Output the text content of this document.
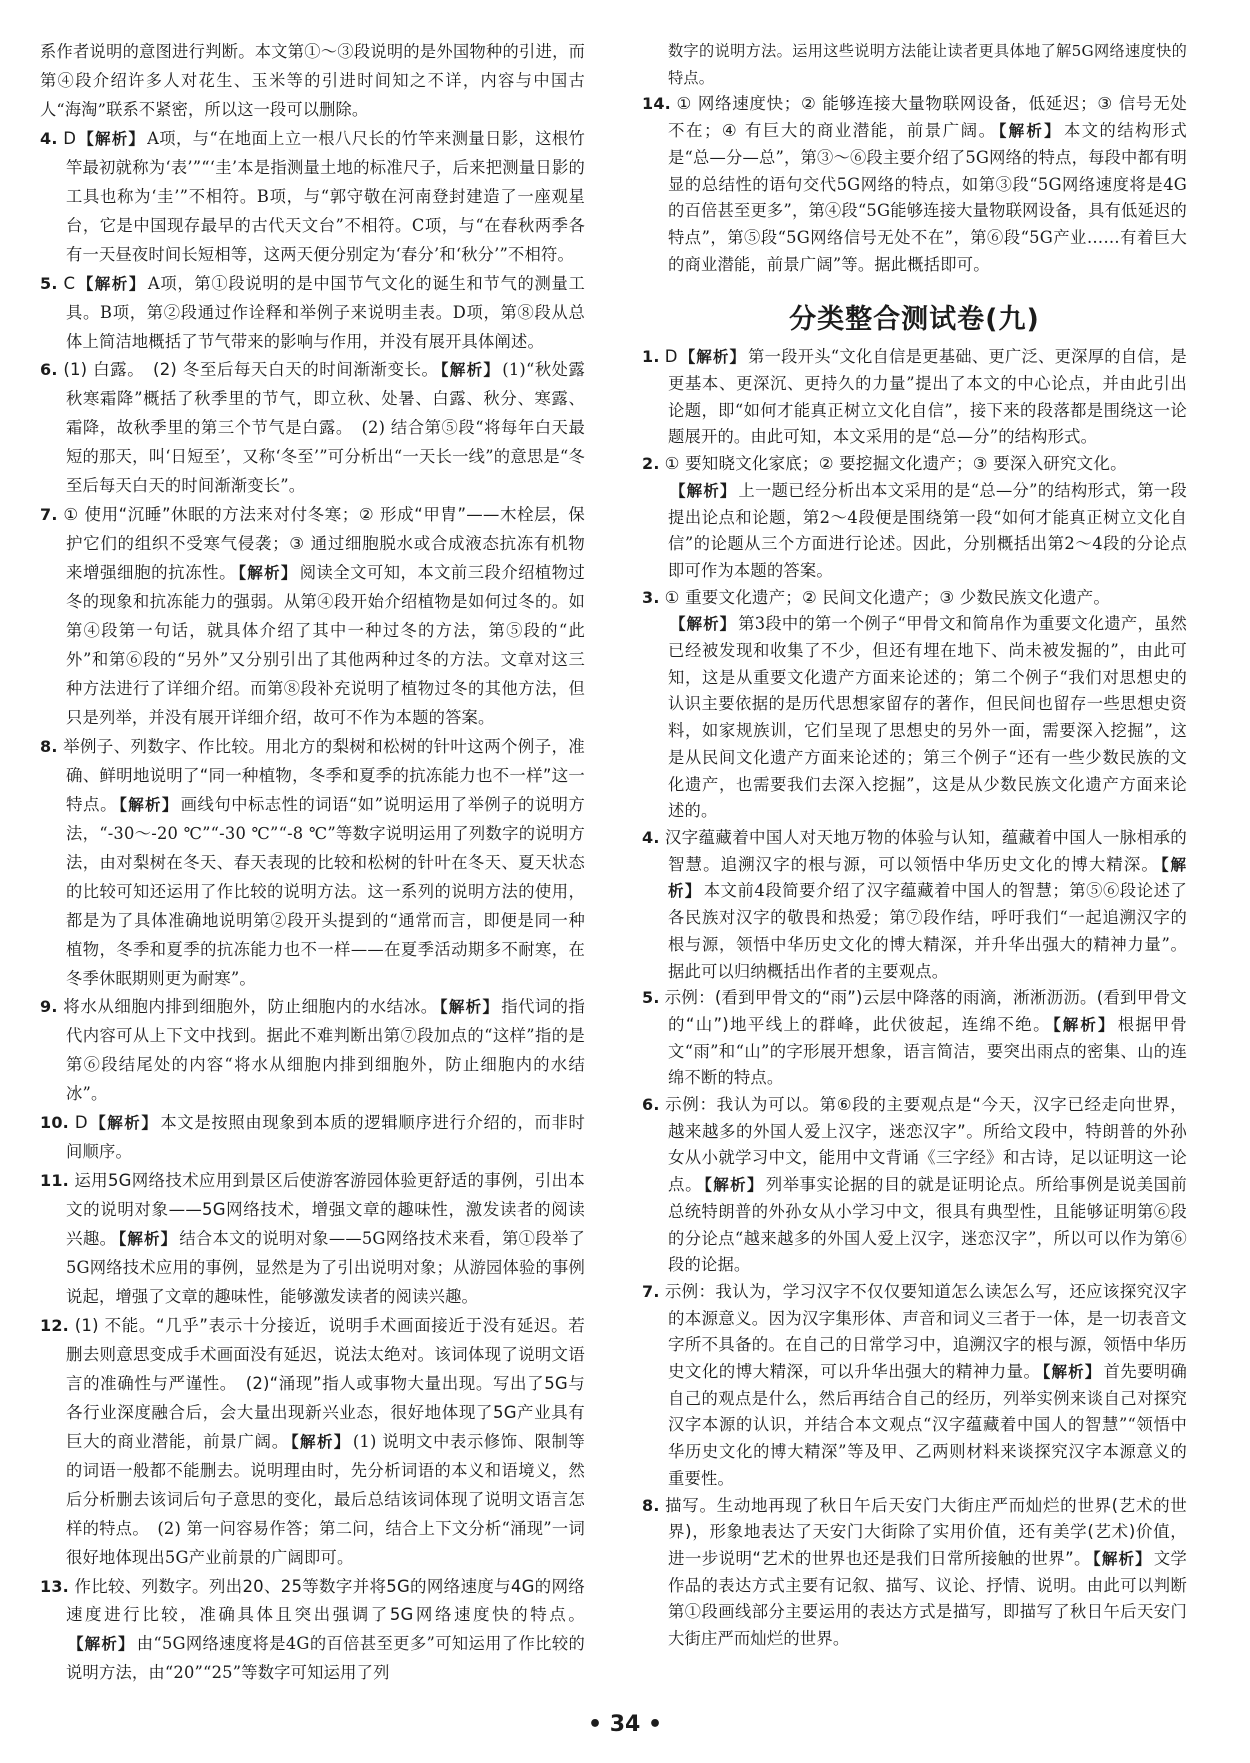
系作者说明的意图进行判断。本文第①～③段说明的是外国物种的引进，而第④段介绍许多人对花生、玉米等的引进时间知之不详，内容与中国古人“海淘”联系不紧密，所以这一段可以删除。

4. D 【解析】 A项，与“在地面上立一根八尺长的竹竿来测量日影，这根竹竿最初就称为‘表’”“‘圭’本是指测量土地的标准尺子，后来把测量日影的工具也称为‘圭’”不相符。B项，与“郭守敬在河南登封建造了一座观星台，它是中国现存最早的古代天文台”不相符。C项，与“在春秋两季各有一天昼夜时间长短相等，这两天便分别定为‘春分’和‘秋分’”不相符。

5. C 【解析】 A项，第①段说明的是中国节气文化的诞生和节气的测量工具。B项，第②段通过作诠释和举例子来说明圭表。D项，第⑧段从总体上简洁地概括了节气带来的影响与作用，并没有展开具体阐述。

6. (1) 白露。　(2) 冬至后每天白天的时间渐渐变长。 【解析】 (1)“秋处露秋寒霜降”概括了秋季里的节气，即立秋、处暑、白露、秋分、寒露、霜降，故秋季里的第三个节气是白露。　(2) 结合第⑤段“将每年白天最短的那天，叫‘日短至’，又称‘冬至’”可分析出“一天长一线”的意思是“冬至后每天白天的时间渐渐变长”。

7. ① 使用“沉睡”休眠的方法来对付冬寒；② 形成“甲胄”——木栓层，保护它们的组织不受寒气侵袭；③ 通过细胞脱水或合成液态抗冻有机物来增强细胞的抗冻性。 【解析】 阅读全文可知，本文前三段介绍植物过冬的现象和抗冻能力的强弱。从第④段开始介绍植物是如何过冬的。如第④段第一句话，就具体介绍了其中一种过冬的方法，第⑤段的“此外”和第⑥段的“另外”又分别引出了其他两种过冬的方法。文章对这三种方法进行了详细介绍。而第⑧段补充说明了植物过冬的其他方法，但只是列举，并没有展开详细介绍，故可不作为本题的答案。

8. 举例子、列数字、作比较。用北方的梨树和松树的针叶这两个例子，准确、鲜明地说明了“同一种植物，冬季和夏季的抗冻能力也不一样”这一特点。 【解析】 画线句中标志性的词语“如”说明运用了举例子的说明方法，“-30～-20 ℃”“-30 ℃”“-8 ℃”等数字说明运用了列数字的说明方法，由对梨树在冬天、春天表现的比较和松树的针叶在冬天、夏天状态的比较可知还运用了作比较的说明方法。这一系列的说明方法的使用，都是为了具体准确地说明第②段开头提到的“通常而言，即便是同一种植物，冬季和夏季的抗冻能力也不一样——在夏季活动期多不耐寒，在冬季休眠期则更为耐寒”。

9. 将水从细胞内排到细胞外，防止细胞内的水结冰。 【解析】 指代词的指代内容可从上下文中找到。据此不难判断出第⑦段加点的“这样”指的是第⑥段结尾处的内容“将水从细胞内排到细胞外，防止细胞内的水结冰”。

10. D 【解析】 本文是按照由现象到本质的逻辑顺序进行介绍的，而非时间顺序。

11. 运用5G网络技术应用到景区后使游客游园体验更舒适的事例，引出本文的说明对象——5G网络技术，增强文章的趣味性，激发读者的阅读兴趣。 【解析】 结合本文的说明对象——5G网络技术来看，第①段举了5G网络技术应用的事例，显然是为了引出说明对象；从游园体验的事例说起，增强了文章的趣味性，能够激发读者的阅读兴趣。

12. (1) 不能。“几乎”表示十分接近，说明手术画面接近于没有延迟。若删去则意思变成手术画面没有延迟，说法太绝对。该词体现了说明文语言的准确性与严谨性。　(2)“涌现”指人或事物大量出现。写出了5G与各行业深度融合后，会大量出现新兴业态，很好地体现了5G产业具有巨大的商业潜能，前景广阔。 【解析】 (1) 说明文中表示修饰、限制等的词语一般都不能删去。说明理由时，先分析词语的本义和语境义，然后分析删去该词后句子意思的变化，最后总结该词体现了说明文语言怎样的特点。　(2) 第一问容易作答；第二问，结合上下文分析“涌现”一词很好地体现出5G产业前景的广阔即可。

13. 作比较、列数字。列出20、25等数字并将5G的网络速度与4G的网络速度进行比较，准确具体且突出强调了5G网络速度快的特点。【解析】 由“5G网络速度将是4G的百倍甚至更多”可知运用了作比较的说明方法，由“20”“25”等数字可知运用了列

数字的说明方法。运用这些说明方法能让读者更具体地了解5G网络速度快的特点。

14. ① 网络速度快；② 能够连接大量物联网设备，低延迟；③ 信号无处不在；④ 有巨大的商业潜能，前景广阔。 【解析】 本文的结构形式是“总—分—总”，第③～⑥段主要介绍了5G网络的特点，每段中都有明显的总结性的语句交代5G网络的特点，如第③段“5G网络速度将是4G的百倍甚至更多”，第④段“5G能够连接大量物联网设备，具有低延迟的特点”，第⑤段“5G网络信号无处不在”，第⑥段“5G产业……有着巨大的商业潜能，前景广阔”等。据此概括即可。

分类整合测试卷(九)

1. D 【解析】 第一段开头“文化自信是更基础、更广泛、更深厚的自信，是更基本、更深沉、更持久的力量”提出了本文的中心论点，并由此引出论题，即“如何才能真正树立文化自信”，接下来的段落都是围绕这一论题展开的。由此可知，本文采用的是“总—分”的结构形式。

2. ① 要知晓文化家底；② 要挖掘文化遗产；③ 要深入研究文化。
【解析】 上一题已经分析出本文采用的是“总—分”的结构形式，第一段提出论点和论题，第2～4段便是围绕第一段“如何才能真正树立文化自信”的论题从三个方面进行论述。因此，分别概括出第2～4段的分论点即可作为本题的答案。

3. ① 重要文化遗产；② 民间文化遗产；③ 少数民族文化遗产。
【解析】 第3段中的第一个例子“甲骨文和简帛作为重要文化遗产，虽然已经被发现和收集了不少，但还有埋在地下、尚未被发掘的”，由此可知，这是从重要文化遗产方面来论述的；第二个例子“我们对思想史的认识主要依据的是历代思想家留存的著作，但民间也留存一些思想史资料，如家规族训，它们呈现了思想史的另外一面，需要深入挖掘”，这是从民间文化遗产方面来论述的；第三个例子“还有一些少数民族的文化遗产，也需要我们去深入挖掘”，这是从少数民族文化遗产方面来论述的。

4. 汉字蕴藏着中国人对天地万物的体验与认知，蕴藏着中国人一脉相承的智慧。追溯汉字的根与源，可以领悟中华历史文化的博大精深。 【解析】 本文前4段简要介绍了汉字蕴藏着中国人的智慧；第⑤⑥段论述了各民族对汉字的敬畏和热爱；第⑦段作结，呼吁我们“一起追溯汉字的根与源，领悟中华历史文化的博大精深，并升华出强大的精神力量”。据此可以归纳概括出作者的主要观点。

5. 示例：(看到甲骨文的“雨”)云层中降落的雨滴，淅淅沥沥。(看到甲骨文的“山”)地平线上的群峰，此伏彼起，连绵不绝。 【解析】 根据甲骨文“雨”和“山”的字形展开想象，语言简洁，要突出雨点的密集、山的连绵不断的特点。

6. 示例：我认为可以。第⑥段的主要观点是“今天，汉字已经走向世界，越来越多的外国人爱上汉字，迷恋汉字”。所给文段中，特朗普的外孙女从小就学习中文，能用中文背诵《三字经》和古诗，足以证明这一论点。 【解析】 列举事实论据的目的就是证明论点。所给事例是说美国前总统特朗普的外孙女从小学习中文，很具有典型性，且能够证明第⑥段的分论点“越来越多的外国人爱上汉字，迷恋汉字”，所以可以作为第⑥段的论据。

7. 示例：我认为，学习汉字不仅仅要知道怎么读怎么写，还应该探究汉字的本源意义。因为汉字集形体、声音和词义三者于一体，是一切表音文字所不具备的。在自己的日常学习中，追溯汉字的根与源，领悟中华历史文化的博大精深，可以升华出强大的精神力量。 【解析】 首先要明确自己的观点是什么，然后再结合自己的经历，列举实例来谈自己对探究汉字本源的认识，并结合本文观点“汉字蕴藏着中国人的智慧”“领悟中华历史文化的博大精深”等及甲、乙两则材料来谈探究汉字本源意义的重要性。

8. 描写。生动地再现了秋日午后天安门大街庄严而灿烂的世界(艺术的世界)，形象地表达了天安门大街除了实用价值，还有美学(艺术)价值，进一步说明“艺术的世界也还是我们日常所接触的世界”。 【解析】 文学作品的表达方式主要有记叙、描写、议论、抒情、说明。由此可以判断第①段画线部分主要运用的表达方式是描写，即描写了秋日午后天安门大街庄严而灿烂的世界。

• 34 •
